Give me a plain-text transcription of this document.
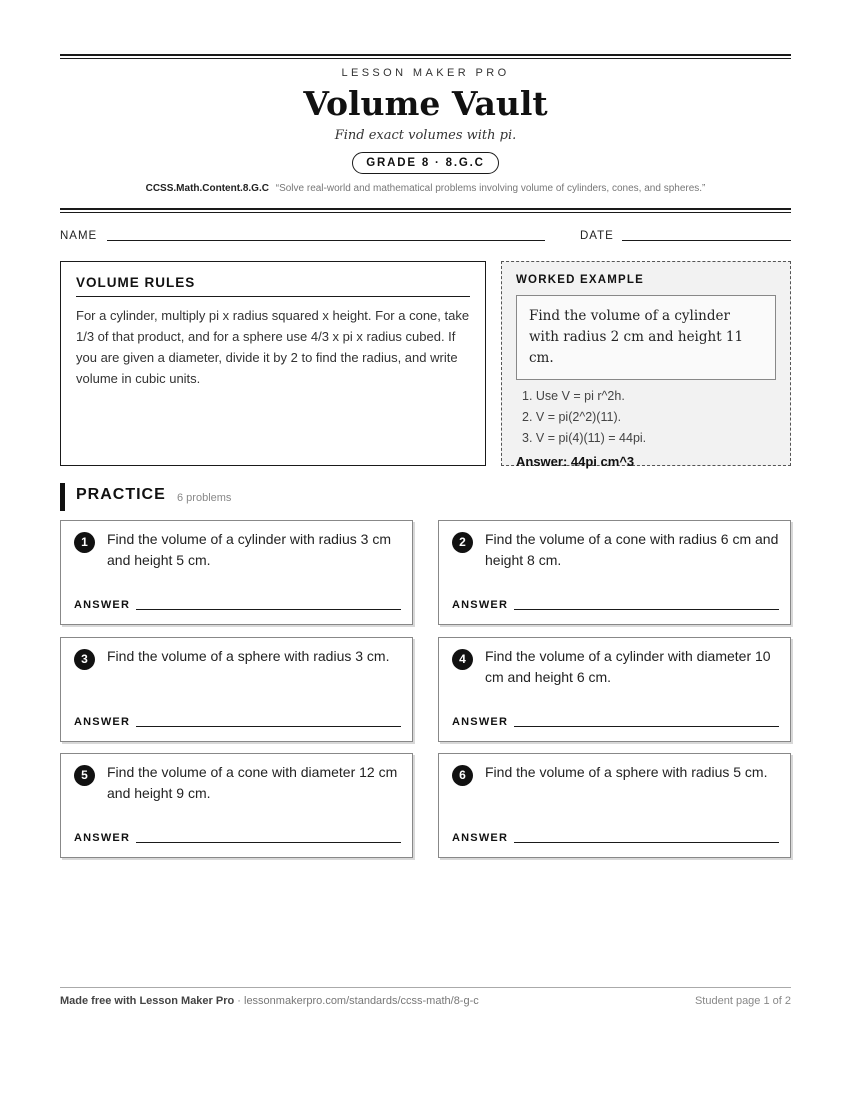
LESSON MAKER PRO
Volume Vault
Find exact volumes with pi.
GRADE 8 · 8.G.C
CCSS.Math.Content.8.G.C “Solve real-world and mathematical problems involving volume of cylinders, cones, and spheres.”
NAME	DATE
VOLUME RULES
For a cylinder, multiply pi x radius squared x height. For a cone, take 1/3 of that product, and for a sphere use 4/3 x pi x radius cubed. If you are given a diameter, divide it by 2 to find the radius, and write volume in cubic units.
WORKED EXAMPLE
Find the volume of a cylinder with radius 2 cm and height 11 cm.
1. Use V = pi r^2h.
2. V = pi(2^2)(11).
3. V = pi(4)(11) = 44pi.
Answer: 44pi cm^3
PRACTICE 6 problems
1	Find the volume of a cylinder with radius 3 cm and height 5 cm.
ANSWER
2	Find the volume of a cone with radius 6 cm and height 8 cm.
ANSWER
3	Find the volume of a sphere with radius 3 cm.
ANSWER
4	Find the volume of a cylinder with diameter 10 cm and height 6 cm.
ANSWER
5	Find the volume of a cone with diameter 12 cm and height 9 cm.
ANSWER
6	Find the volume of a sphere with radius 5 cm.
ANSWER
Made free with Lesson Maker Pro · lessonmakerpro.com/standards/ccss-math/8-g-c	Student page 1 of 2
